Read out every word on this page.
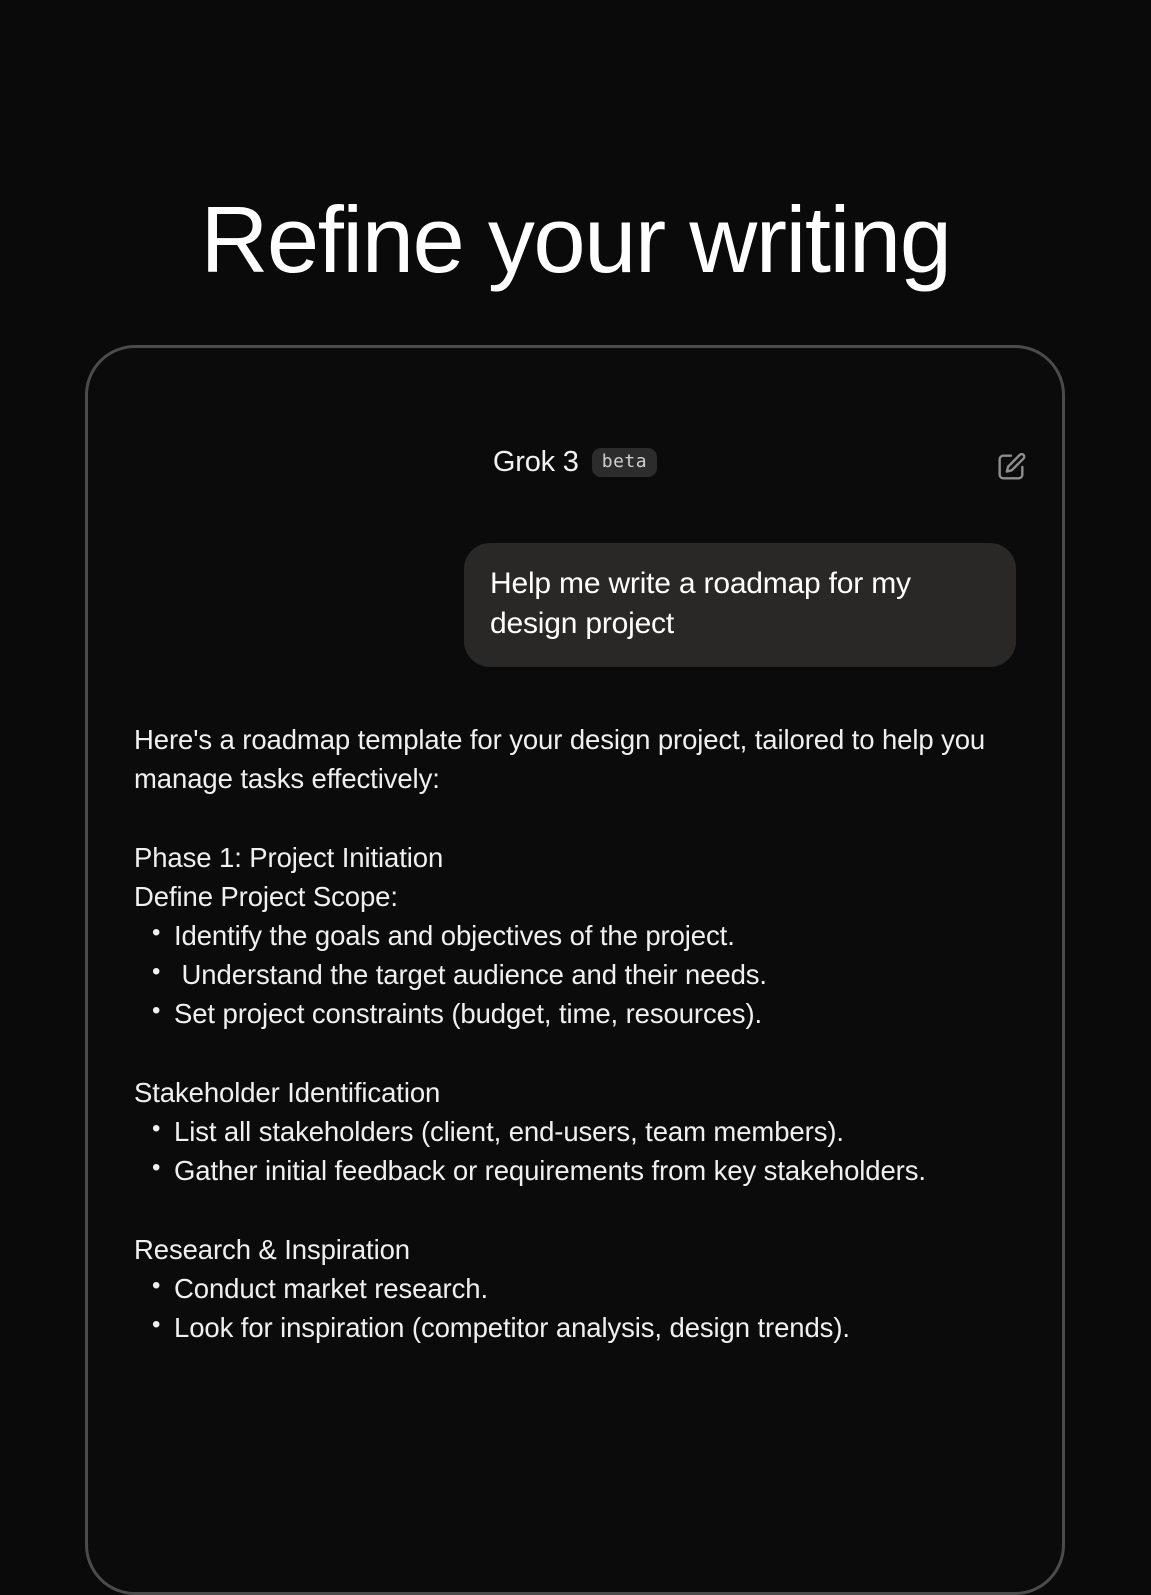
Refine your writing
Grok 3	beta
Help me write a roadmap for my design project

Here's a roadmap template for your design project, tailored to help you manage tasks effectively:

Phase 1: Project Initiation

Define Project Scope:

• Identify the goals and objectives of the project.
•  Understand the target audience and their needs.
• Set project constraints (budget, time, resources).

Stakeholder Identification

• List all stakeholders (client, end-users, team members).
• Gather initial feedback or requirements from key stakeholders.

Research & Inspiration

• Conduct market research.
• Look for inspiration (competitor analysis, design trends).
